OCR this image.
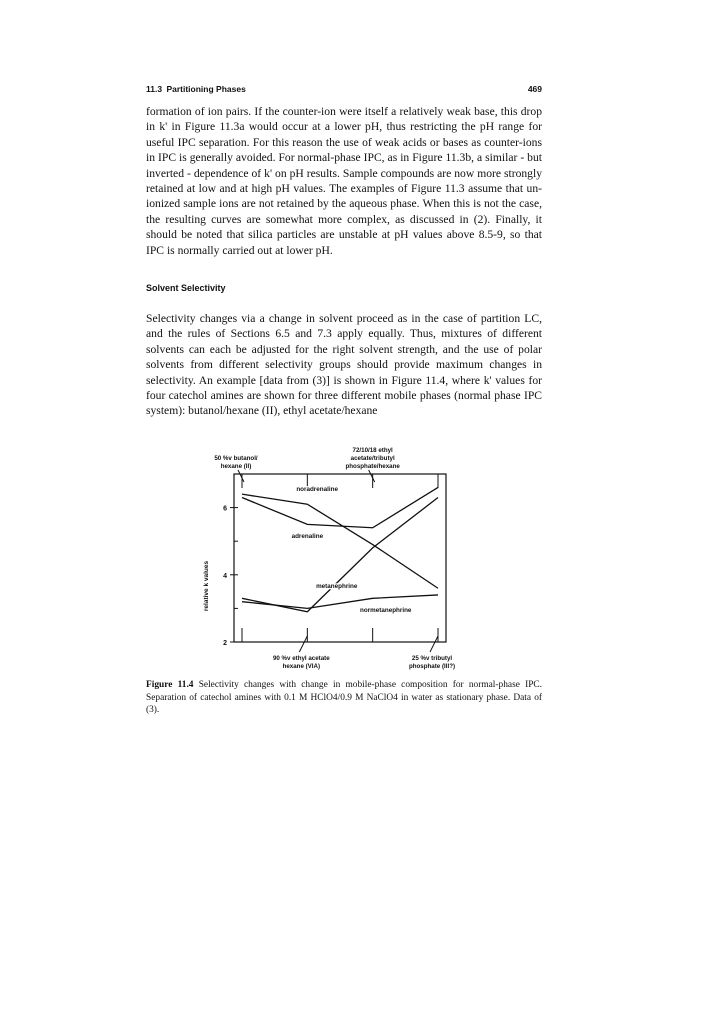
11.3 Partitioning Phases	469

formation of ion pairs. If the counter-ion were itself a relatively weak base, this drop in k' in Figure 11.3a would occur at a lower pH, thus restricting the pH range for useful IPC separation. For this reason the use of weak acids or bases as counter-ions in IPC is generally avoided. For normal-phase IPC, as in Figure 11.3b, a similar - but inverted - dependence of k' on pH results. Sample compounds are now more strongly retained at low and at high pH values. The examples of Figure 11.3 assume that un-ionized sample ions are not retained by the aqueous phase. When this is not the case, the resulting curves are somewhat more complex, as discussed in (2). Finally, it should be noted that silica particles are unstable at pH values above 8.5-9, so that IPC is normally carried out at lower pH.

Solvent Selectivity

Selectivity changes via a change in solvent proceed as in the case of partition LC, and the rules of Sections 6.5 and 7.3 apply equally. Thus, mixtures of different solvents can each be adjusted for the right solvent strength, and the use of polar solvents from different selectivity groups should provide maximum changes in selectivity. An example [data from (3)] is shown in Figure 11.4, where k' values for four catechol amines are shown for three different mobile phases (normal phase IPC system): butanol/hexane (II), ethyl acetate/hexane

2
4
6
relative k values
noradrenaline
adrenaline
metanephrine
normetanephrine
50 %v butanol/
hexane (II)
72/10/18 ethyl
acetate/tributyl
phosphate/hexane
90 %v ethyl acetate
hexane (VIA)
25 %v tributyl
phosphate (III?)

Figure 11.4 Selectivity changes with change in mobile-phase composition for normal-phase IPC. Separation of catechol amines with 0.1 M HClO4/0.9 M NaClO4 in water as stationary phase. Data of (3).
